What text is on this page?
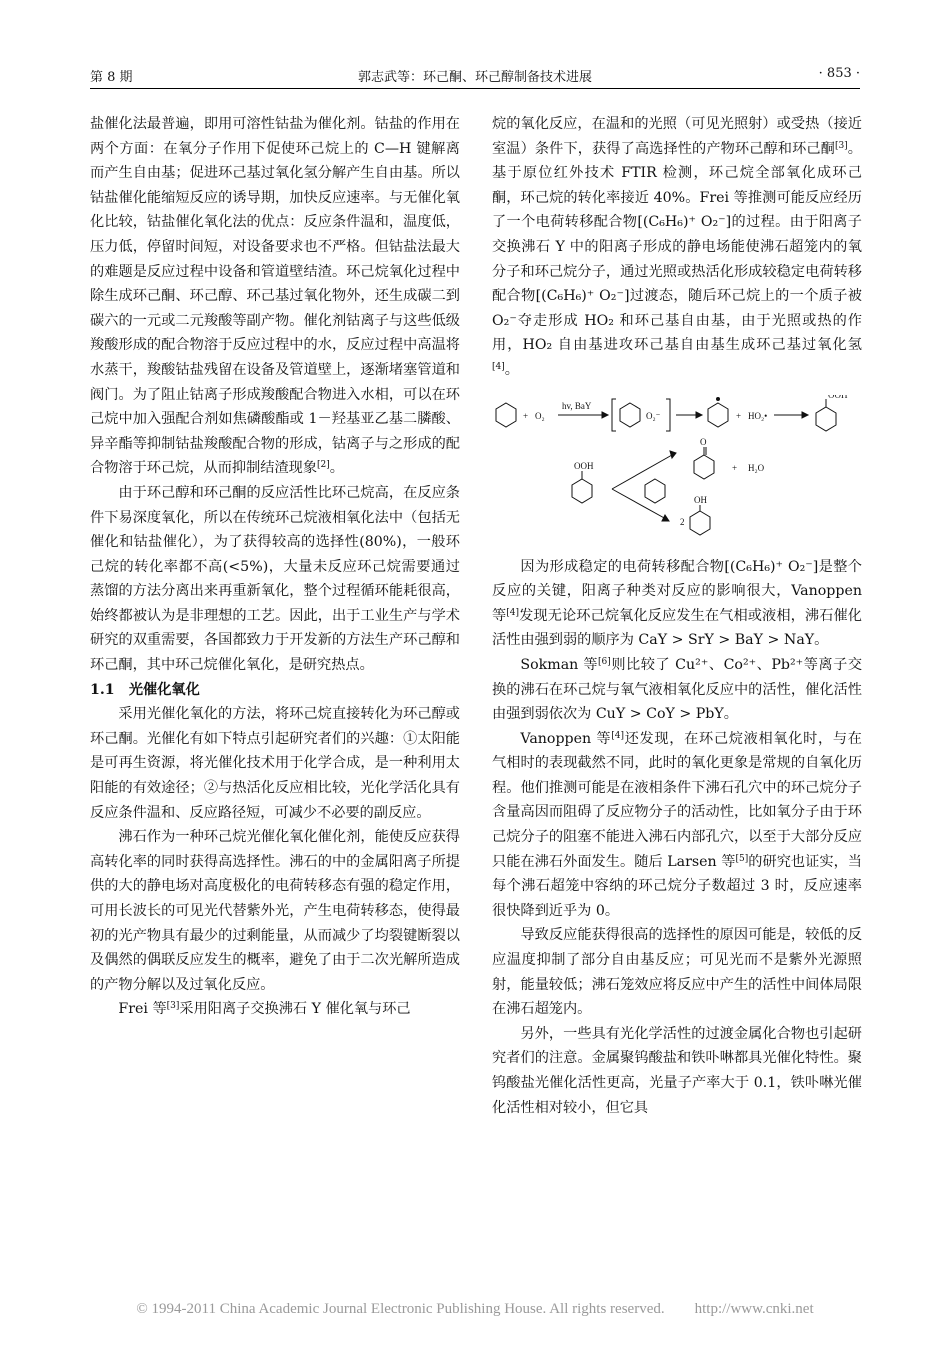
第 8 期	郭志武等：环己酮、环己醇制备技术进展	· 853 ·

盐催化法最普遍，即用可溶性钴盐为催化剂。钴盐的作用在两个方面：在氧分子作用下促使环己烷上的 C—H 键解离而产生自由基；促进环己基过氧化氢分解产生自由基。所以钴盐催化能缩短反应的诱导期，加快反应速率。与无催化氧化比较，钴盐催化氧化法的优点：反应条件温和，温度低，压力低，停留时间短，对设备要求也不严格。但钴盐法最大的难题是反应过程中设备和管道壁结渣。环己烷氧化过程中除生成环己酮、环己醇、环己基过氧化物外，还生成碳二到碳六的一元或二元羧酸等副产物。催化剂钴离子与这些低级羧酸形成的配合物溶于反应过程中的水，反应过程中高温将水蒸干，羧酸钴盐残留在设备及管道壁上，逐渐堵塞管道和阀门。为了阻止钴离子形成羧酸配合物进入水相，可以在环己烷中加入强配合剂如焦磷酸酯或 1－羟基亚乙基二膦酸、异辛酯等抑制钴盐羧酸配合物的形成，钴离子与之形成的配合物溶于环己烷，从而抑制结渣现象[2]。

由于环己醇和环己酮的反应活性比环己烷高，在反应条件下易深度氧化，所以在传统环己烷液相氧化法中（包括无催化和钴盐催化），为了获得较高的选择性(80%)，一般环己烷的转化率都不高(<5%)，大量未反应环己烷需要通过蒸馏的方法分离出来再重新氧化，整个过程循环能耗很高，始终都被认为是非理想的工艺。因此，出于工业生产与学术研究的双重需要，各国都致力于开发新的方法生产环己醇和环己酮，其中环己烷催化氧化，是研究热点。

1.1　光催化氧化

采用光催化氧化的方法，将环己烷直接转化为环己醇或环己酮。光催化有如下特点引起研究者们的兴趣：①太阳能是可再生资源，将光催化技术用于化学合成，是一种利用太阳能的有效途径；②与热活化反应相比较，光化学活化具有反应条件温和、反应路径短，可减少不必要的副反应。

沸石作为一种环己烷光催化氧化催化剂，能使反应获得高转化率的同时获得高选择性。沸石的中的金属阳离子所提供的大的静电场对高度极化的电荷转移态有强的稳定作用，可用长波长的可见光代替紫外光，产生电荷转移态，使得最初的光产物具有最少的过剩能量，从而减少了均裂键断裂以及偶然的偶联反应发生的概率，避免了由于二次光解所造成的产物分解以及过氧化反应。

Frei 等[3]采用阳离子交换沸石 Y 催化氧与环己

烷的氧化反应，在温和的光照（可见光照射）或受热（接近室温）条件下，获得了高选择性的产物环己醇和环己酮[3]。基于原位红外技术 FTIR 检测，环己烷全部氧化成环己酮，环己烷的转化率接近 40%。Frei 等推测可能反应经历了一个电荷转移配合物[(C₆H₆)⁺ O₂⁻]的过程。由于阳离子交换沸石 Y 中的阳离子形成的静电场能使沸石超笼内的氧分子和环己烷分子，通过光照或热活化形成较稳定电荷转移配合物[(C₆H₆)⁺ O₂⁻]过渡态，随后环己烷上的一个质子被 O₂⁻夺走形成 HO₂ 和环己基自由基，由于光照或热的作用，HO₂ 自由基进攻环己基自由基生成环己基过氧化氢[4]。

+ O₂
hv, BaY
O₂⁻	+ HO₂•
OOH
OOH
O
+ H₂O
2
OH

因为形成稳定的电荷转移配合物[(C₆H₆)⁺ O₂⁻]是整个反应的关键，阳离子种类对反应的影响很大，Vanoppen 等[4]发现无论环己烷氧化反应发生在气相或液相，沸石催化活性由强到弱的顺序为 CaY > SrY > BaY > NaY。

Sokman 等[6]则比较了 Cu²⁺、Co²⁺、Pb²⁺等离子交换的沸石在环己烷与氧气液相氧化反应中的活性，催化活性由强到弱依次为 CuY > CoY > PbY。

Vanoppen 等[4]还发现，在环己烷液相氧化时，与在气相时的表现截然不同，此时的氧化更象是常规的自氧化历程。他们推测可能是在液相条件下沸石孔穴中的环己烷分子含量高因而阻碍了反应物分子的活动性，比如氧分子由于环己烷分子的阻塞不能进入沸石内部孔穴，以至于大部分反应只能在沸石外面发生。随后 Larsen 等[5]的研究也证实，当每个沸石超笼中容纳的环己烷分子数超过 3 时，反应速率很快降到近乎为 0。

导致反应能获得很高的选择性的原因可能是，较低的反应温度抑制了部分自由基反应；可见光而不是紫外光源照射，能量较低；沸石笼效应将反应中产生的活性中间体局限在沸石超笼内。

另外，一些具有光化学活性的过渡金属化合物也引起研究者们的注意。金属聚钨酸盐和铁卟啉都具光催化特性。聚钨酸盐光催化活性更高，光量子产率大于 0.1，铁卟啉光催化活性相对较小，但它具

© 1994-2011 China Academic Journal Electronic Publishing House. All rights reserved.　　http://www.cnki.net
